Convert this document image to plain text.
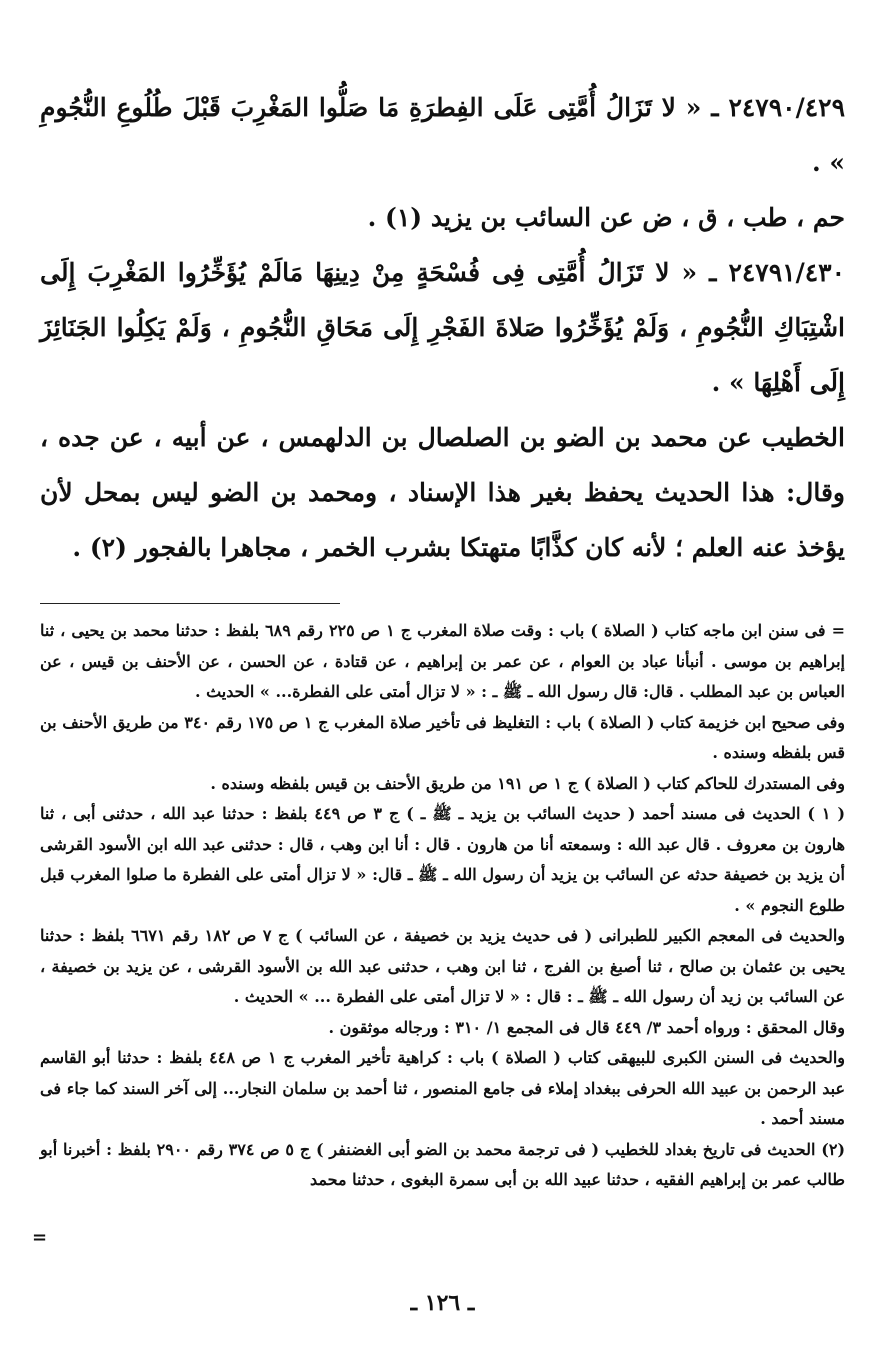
٢٤٧٩٠/٤٢٩ ـ « لا تَزَالُ أُمَّتِى عَلَى الفِطرَةِ مَا صَلُّوا المَغْرِبَ قَبْلَ طُلُوعِ النُّجُومِ » .

حم ، طب ، ق ، ض عن السائب بن يزيد (١) .

٢٤٧٩١/٤٣٠ ـ « لا تَزَالُ أُمَّتِى فِى فُسْحَةٍ مِنْ دِينِهَا مَالَمْ يُؤَخِّرُوا المَغْرِبَ إِلَى اشْتِبَاكِ النُّجُومِ ، وَلَمْ يُؤَخِّرُوا صَلاةَ الفَجْرِ إِلَى مَحَاقِ النُّجُومِ ، وَلَمْ يَكِلُوا الجَنَائِزَ إِلَى أَهْلِهَا » .

الخطيب عن محمد بن الضو بن الصلصال بن الدلهمس ، عن أبيه ، عن جده ، وقال: هذا الحديث يحفظ بغير هذا الإسناد ، ومحمد بن الضو ليس بمحل لأن يؤخذ عنه العلم ؛ لأنه كان كذَّابًا متهتكا بشرب الخمر ، مجاهرا بالفجور (٢) .

= فى سنن ابن ماجه كتاب ( الصلاة ) باب : وقت صلاة المغرب ج ١ ص ٢٢٥ رقم ٦٨٩ بلفظ : حدثنا محمد بن يحيى ، ثنا إبراهيم بن موسى . أنبأنا عباد بن العوام ، عن عمر بن إبراهيم ، عن قتادة ، عن الحسن ، عن الأحنف بن قيس ، عن العباس بن عبد المطلب . قال: قال رسول الله ـ ﷺ ـ : « لا تزال أمتى على الفطرة... » الحديث .

وفى صحيح ابن خزيمة كتاب ( الصلاة ) باب : التغليظ فى تأخير صلاة المغرب ج ١ ص ١٧٥ رقم ٣٤٠ من طريق الأحنف بن قس بلفظه وسنده .

وفى المستدرك للحاكم كتاب ( الصلاة ) ج ١ ص ١٩١ من طريق الأحنف بن قيس بلفظه وسنده .

( ١ ) الحديث فى مسند أحمد ( حديث السائب بن يزيد ـ ﷺ ـ ) ج ٣ ص ٤٤٩ بلفظ : حدثنا عبد الله ، حدثنى أبى ، ثنا هارون بن معروف . قال عبد الله : وسمعته أنا من هارون . قال : أنا ابن وهب ، قال : حدثنى عبد الله ابن الأسود القرشى أن يزيد بن خصيفة حدثه عن السائب بن يزيد أن رسول الله ـ ﷺ ـ قال: « لا تزال أمتى على الفطرة ما صلوا المغرب قبل طلوع النجوم » .

والحديث فى المعجم الكبير للطبرانى ( فى حديث يزيد بن خصيفة ، عن السائب ) ج ٧ ص ١٨٢ رقم ٦٦٧١ بلفظ : حدثنا يحيى بن عثمان بن صالح ، ثنا أصبغ بن الفرج ، ثنا ابن وهب ، حدثنى عبد الله بن الأسود القرشى ، عن يزيد بن خصيفة ، عن السائب بن زيد أن رسول الله ـ ﷺ ـ : قال : « لا تزال أمتى على الفطرة ... » الحديث .

وقال المحقق : ورواه أحمد ٣/ ٤٤٩ قال فى المجمع ١/ ٣١٠ : ورجاله موثقون .

والحديث فى السنن الكبرى للبيهقى كتاب ( الصلاة ) باب : كراهية تأخير المغرب ج ١ ص ٤٤٨ بلفظ : حدثنا أبو القاسم عبد الرحمن بن عبيد الله الحرفى ببغداد إملاء فى جامع المنصور ، ثنا أحمد بن سلمان النجار... إلى آخر السند كما جاء فى مسند أحمد .

(٢) الحديث فى تاريخ بغداد للخطيب ( فى ترجمة محمد بن الضو أبى الغضنفر ) ج ٥ ص ٣٧٤ رقم ٢٩٠٠ بلفظ : أخبرنا أبو طالب عمر بن إبراهيم الفقيه ، حدثنا عبيد الله بن أبى سمرة البغوى ، حدثنا محمد

=
ـ ١٢٦ ـ
